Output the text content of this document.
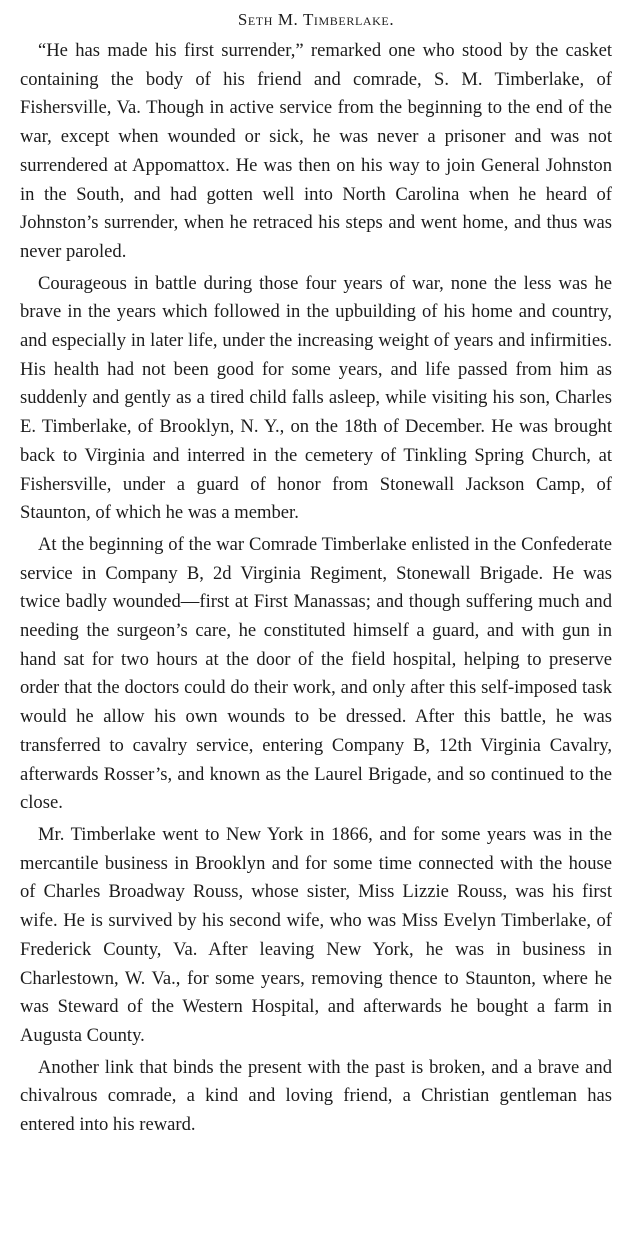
Seth M. Timberlake.

“He has made his first surrender,” remarked one who stood by the casket containing the body of his friend and comrade, S. M. Timberlake, of Fishersville, Va. Though in active service from the beginning to the end of the war, except when wounded or sick, he was never a prisoner and was not surrendered at Appomattox. He was then on his way to join General Johnston in the South, and had gotten well into North Carolina when he heard of Johnston’s surrender, when he retraced his steps and went home, and thus was never paroled.

Courageous in battle during those four years of war, none the less was he brave in the years which followed in the upbuilding of his home and country, and especially in later life, under the increasing weight of years and infirmities. His health had not been good for some years, and life passed from him as suddenly and gently as a tired child falls asleep, while visiting his son, Charles E. Timberlake, of Brooklyn, N. Y., on the 18th of December. He was brought back to Virginia and interred in the cemetery of Tinkling Spring Church, at Fishersville, under a guard of honor from Stonewall Jackson Camp, of Staunton, of which he was a member.

At the beginning of the war Comrade Timberlake enlisted in the Confederate service in Company B, 2d Virginia Regiment, Stonewall Brigade. He was twice badly wounded—first at First Manassas; and though suffering much and needing the surgeon’s care, he constituted himself a guard, and with gun in hand sat for two hours at the door of the field hospital, helping to preserve order that the doctors could do their work, and only after this self-imposed task would he allow his own wounds to be dressed. After this battle, he was transferred to cavalry service, entering Company B, 12th Virginia Cavalry, afterwards Rosser’s, and known as the Laurel Brigade, and so continued to the close.

Mr. Timberlake went to New York in 1866, and for some years was in the mercantile business in Brooklyn and for some time connected with the house of Charles Broadway Rouss, whose sister, Miss Lizzie Rouss, was his first wife. He is survived by his second wife, who was Miss Evelyn Timberlake, of Frederick County, Va. After leaving New York, he was in business in Charlestown, W. Va., for some years, removing thence to Staunton, where he was Steward of the Western Hospital, and afterwards he bought a farm in Augusta County.

Another link that binds the present with the past is broken, and a brave and chivalrous comrade, a kind and loving friend, a Christian gentleman has entered into his reward.
